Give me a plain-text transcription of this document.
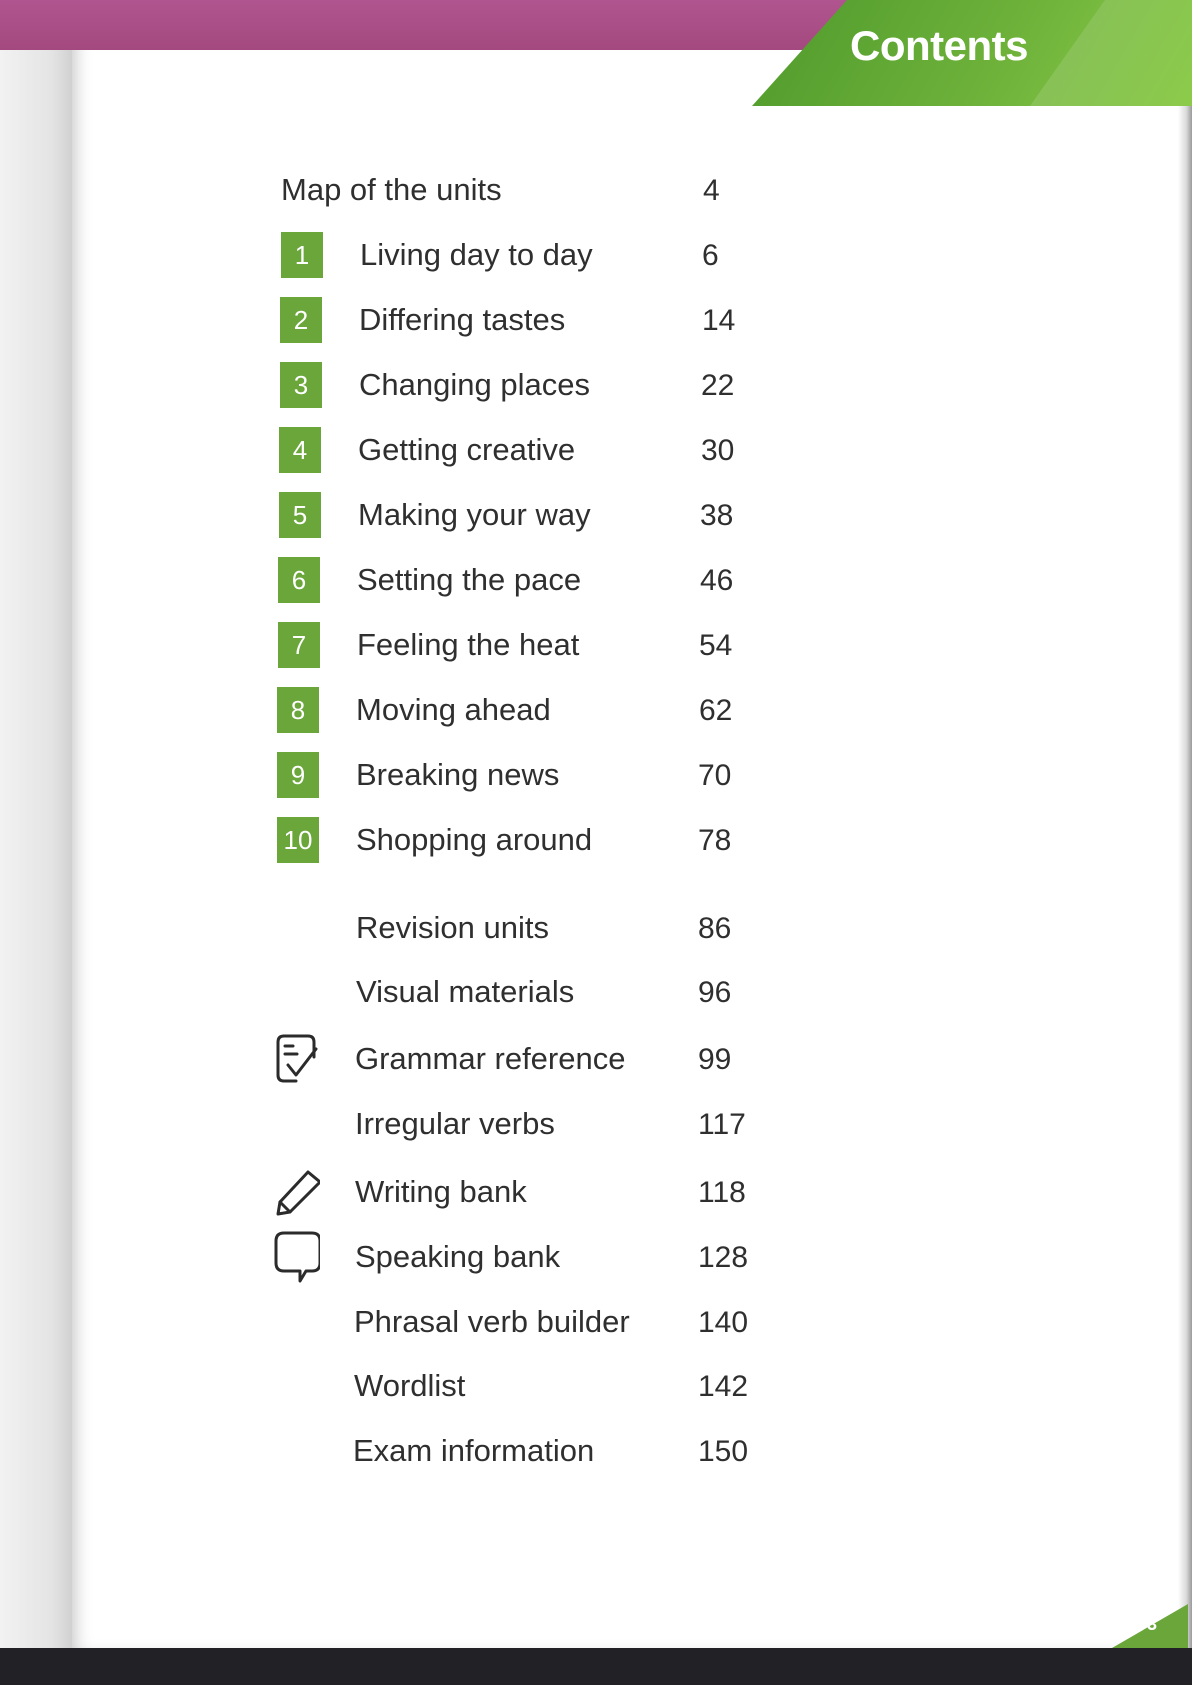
Contents
Map of the units	4
1	Living day to day	6
2	Differing tastes	14
3	Changing places	22
4	Getting creative	30
5	Making your way	38
6	Setting the pace	46
7	Feeling the heat	54
8	Moving ahead	62
9	Breaking news	70
10 Shopping around	78
Revision units	86
Visual materials	96
Grammar reference 99
Irregular verbs	117
Writing bank	118
Speaking bank	128
Phrasal verb builder 140
Wordlist	142
Exam information	150
3
